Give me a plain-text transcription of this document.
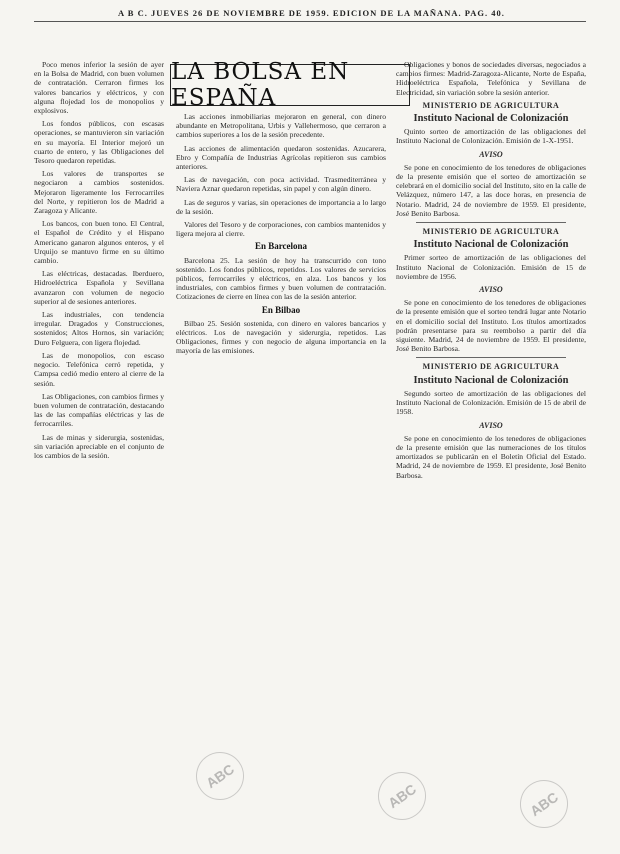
A B C. JUEVES 26 DE NOVIEMBRE DE 1959. EDICION DE LA MAÑANA. PAG. 40.
LA BOLSA EN ESPAÑA

Poco menos inferior la sesión de ayer en la Bolsa de Madrid, con buen volumen de contratación. Cerraron firmes los valores bancarios y eléctricos, y con alguna flojedad los de monopolios y explosivos.

Los fondos públicos, con escasas operaciones, se mantuvieron sin variación en su mayoría. El Interior mejoró un cuarto de entero, y las Obligaciones del Tesoro quedaron repetidas.

Los valores de transportes se negociaron a cambios sostenidos. Mejoraron ligeramente los Ferrocarriles del Norte, y repitieron los de Madrid a Zaragoza y Alicante.

Los bancos, con buen tono. El Central, el Español de Crédito y el Hispano Americano ganaron algunos enteros, y el Urquijo se mantuvo firme en su último cambio.

Las eléctricas, destacadas. Iberduero, Hidroeléctrica Española y Sevillana avanzaron con volumen de negocio superior al de sesiones anteriores.

Las industriales, con tendencia irregular. Dragados y Construcciones, sostenidos; Altos Hornos, sin variación; Duro Felguera, con ligera flojedad.

Las de monopolios, con escaso negocio. Telefónica cerró repetida, y Campsa cedió medio entero al cierre de la sesión.

Las Obligaciones, con cambios firmes y buen volumen de contratación, destacando las de las compañías eléctricas y las de ferrocarriles.

Las de minas y siderurgia, sostenidas, sin variación apreciable en el conjunto de los cambios de la sesión.

Las acciones inmobiliarias mejoraron en general, con dinero abundante en Metropolitana, Urbis y Vallehermoso, que cerraron a cambios superiores a los de la sesión precedente.

Las acciones de alimentación quedaron sostenidas. Azucarera, Ebro y Compañía de Industrias Agrícolas repitieron sus cambios anteriores.

Las de navegación, con poca actividad. Trasmediterránea y Naviera Aznar quedaron repetidas, sin papel y con algún dinero.

Las de seguros y varias, sin operaciones de importancia a lo largo de la sesión.

Valores del Tesoro y de corporaciones, con cambios mantenidos y ligera mejora al cierre.

En Barcelona

Barcelona 25. La sesión de hoy ha transcurrido con tono sostenido. Los fondos públicos, repetidos. Los valores de servicios públicos, ferrocarriles y eléctricos, en alza. Los bancos y los industriales, con cambios firmes y buen volumen de contratación. Cotizaciones de cierre en línea con las de la sesión anterior.

En Bilbao

Bilbao 25. Sesión sostenida, con dinero en valores bancarios y eléctricos. Los de navegación y siderurgia, repetidos. Las Obligaciones, firmes y con negocio de alguna importancia en la mayoría de las emisiones.

Obligaciones y bonos de sociedades diversas, negociados a cambios firmes: Madrid-Zaragoza-Alicante, Norte de España, Hidroeléctrica Española, Telefónica y Sevillana de Electricidad, sin variación sobre la sesión anterior.

MINISTERIO DE AGRICULTURA

Instituto Nacional de Colonización

Quinto sorteo de amortización de las obligaciones del Instituto Nacional de Colonización. Emisión de 1-X-1951.

AVISO

Se pone en conocimiento de los tenedores de obligaciones de la presente emisión que el sorteo de amortización se celebrará en el domicilio social del Instituto, sito en la calle de Velázquez, número 147, a las doce horas, en presencia de Notario. Madrid, 24 de noviembre de 1959. El presidente, José Benito Barbosa.

MINISTERIO DE AGRICULTURA

Instituto Nacional de Colonización

Primer sorteo de amortización de las obligaciones del Instituto Nacional de Colonización. Emisión de 15 de noviembre de 1956.

AVISO

Se pone en conocimiento de los tenedores de obligaciones de la presente emisión que el sorteo tendrá lugar ante Notario en el domicilio social del Instituto. Los títulos amortizados podrán presentarse para su reembolso a partir del día siguiente. Madrid, 24 de noviembre de 1959. El presidente, José Benito Barbosa.

MINISTERIO DE AGRICULTURA

Instituto Nacional de Colonización

Segundo sorteo de amortización de las obligaciones del Instituto Nacional de Colonización. Emisión de 15 de abril de 1958.

AVISO

Se pone en conocimiento de los tenedores de obligaciones de la presente emisión que las numeraciones de los títulos amortizados se publicarán en el Boletín Oficial del Estado. Madrid, 24 de noviembre de 1959. El presidente, José Benito Barbosa.

ABC
ABC	ABC
